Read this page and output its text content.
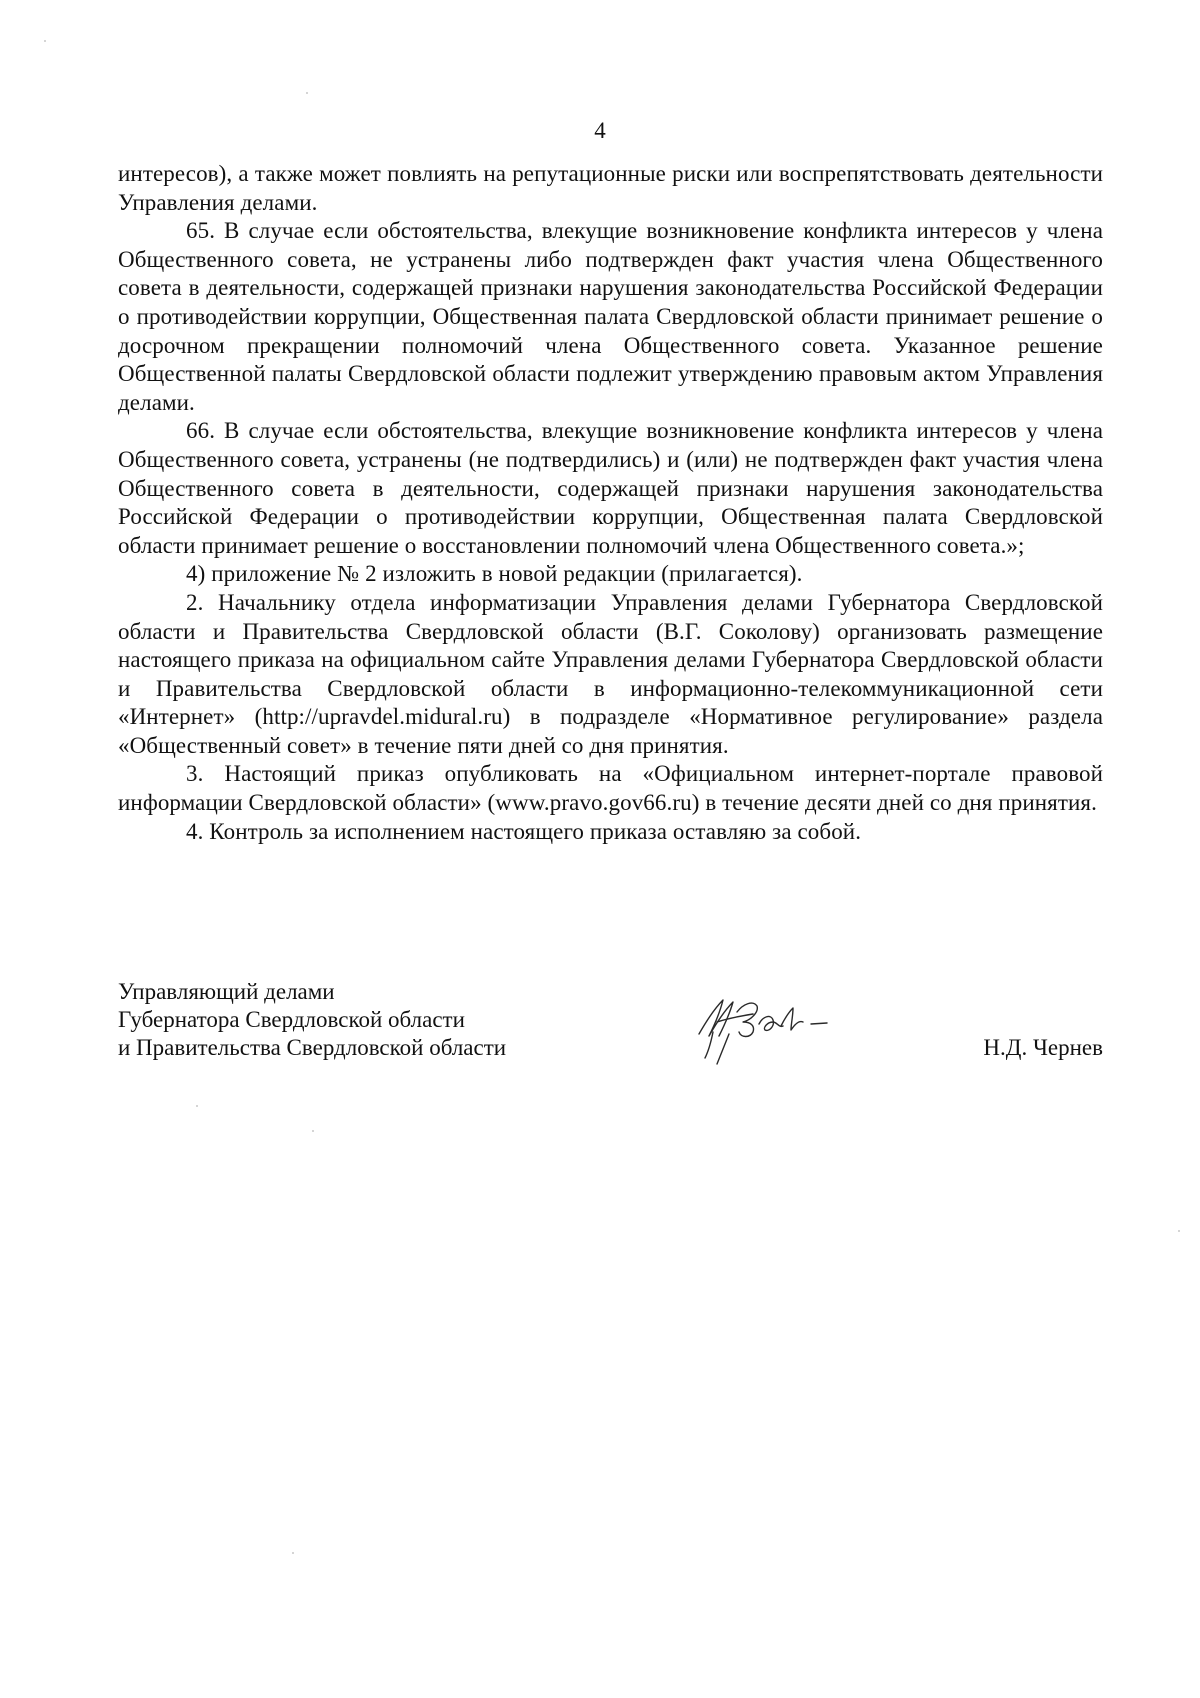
4

интересов), а также может повлиять на репутационные риски или воспрепятствовать деятельности Управления делами.

65. В случае если обстоятельства, влекущие возникновение конфликта интересов у члена Общественного совета, не устранены либо подтвержден факт участия члена Общественного совета в деятельности, содержащей признаки нарушения законодательства Российской Федерации о противодействии коррупции, Общественная палата Свердловской области принимает решение о досрочном прекращении полномочий члена Общественного совета. Указанное решение Общественной палаты Свердловской области подлежит утверждению правовым актом Управления делами.

66. В случае если обстоятельства, влекущие возникновение конфликта интересов у члена Общественного совета, устранены (не подтвердились) и (или) не подтвержден факт участия члена Общественного совета в деятельности, содержащей признаки нарушения законодательства Российской Федерации о противодействии коррупции, Общественная палата Свердловской области принимает решение о восстановлении полномочий члена Общественного совета.»;

4) приложение № 2 изложить в новой редакции (прилагается).

2. Начальнику отдела информатизации Управления делами Губернатора Свердловской области и Правительства Свердловской области (В.Г. Соколову) организовать размещение настоящего приказа на официальном сайте Управления делами Губернатора Свердловской области и Правительства Свердловской области в информационно-телекоммуникационной сети «Интернет» (http://upravdel.midural.ru) в подразделе «Нормативное регулирование» раздела «Общественный совет» в течение пяти дней со дня принятия.

3. Настоящий приказ опубликовать на «Официальном интернет-портале правовой информации Свердловской области» (www.pravo.gov66.ru) в течение десяти дней со дня принятия.

4. Контроль за исполнением настоящего приказа оставляю за собой.

Управляющий делами
Губернатора Свердловской области
и Правительства Свердловской области	Н.Д. Чернев
